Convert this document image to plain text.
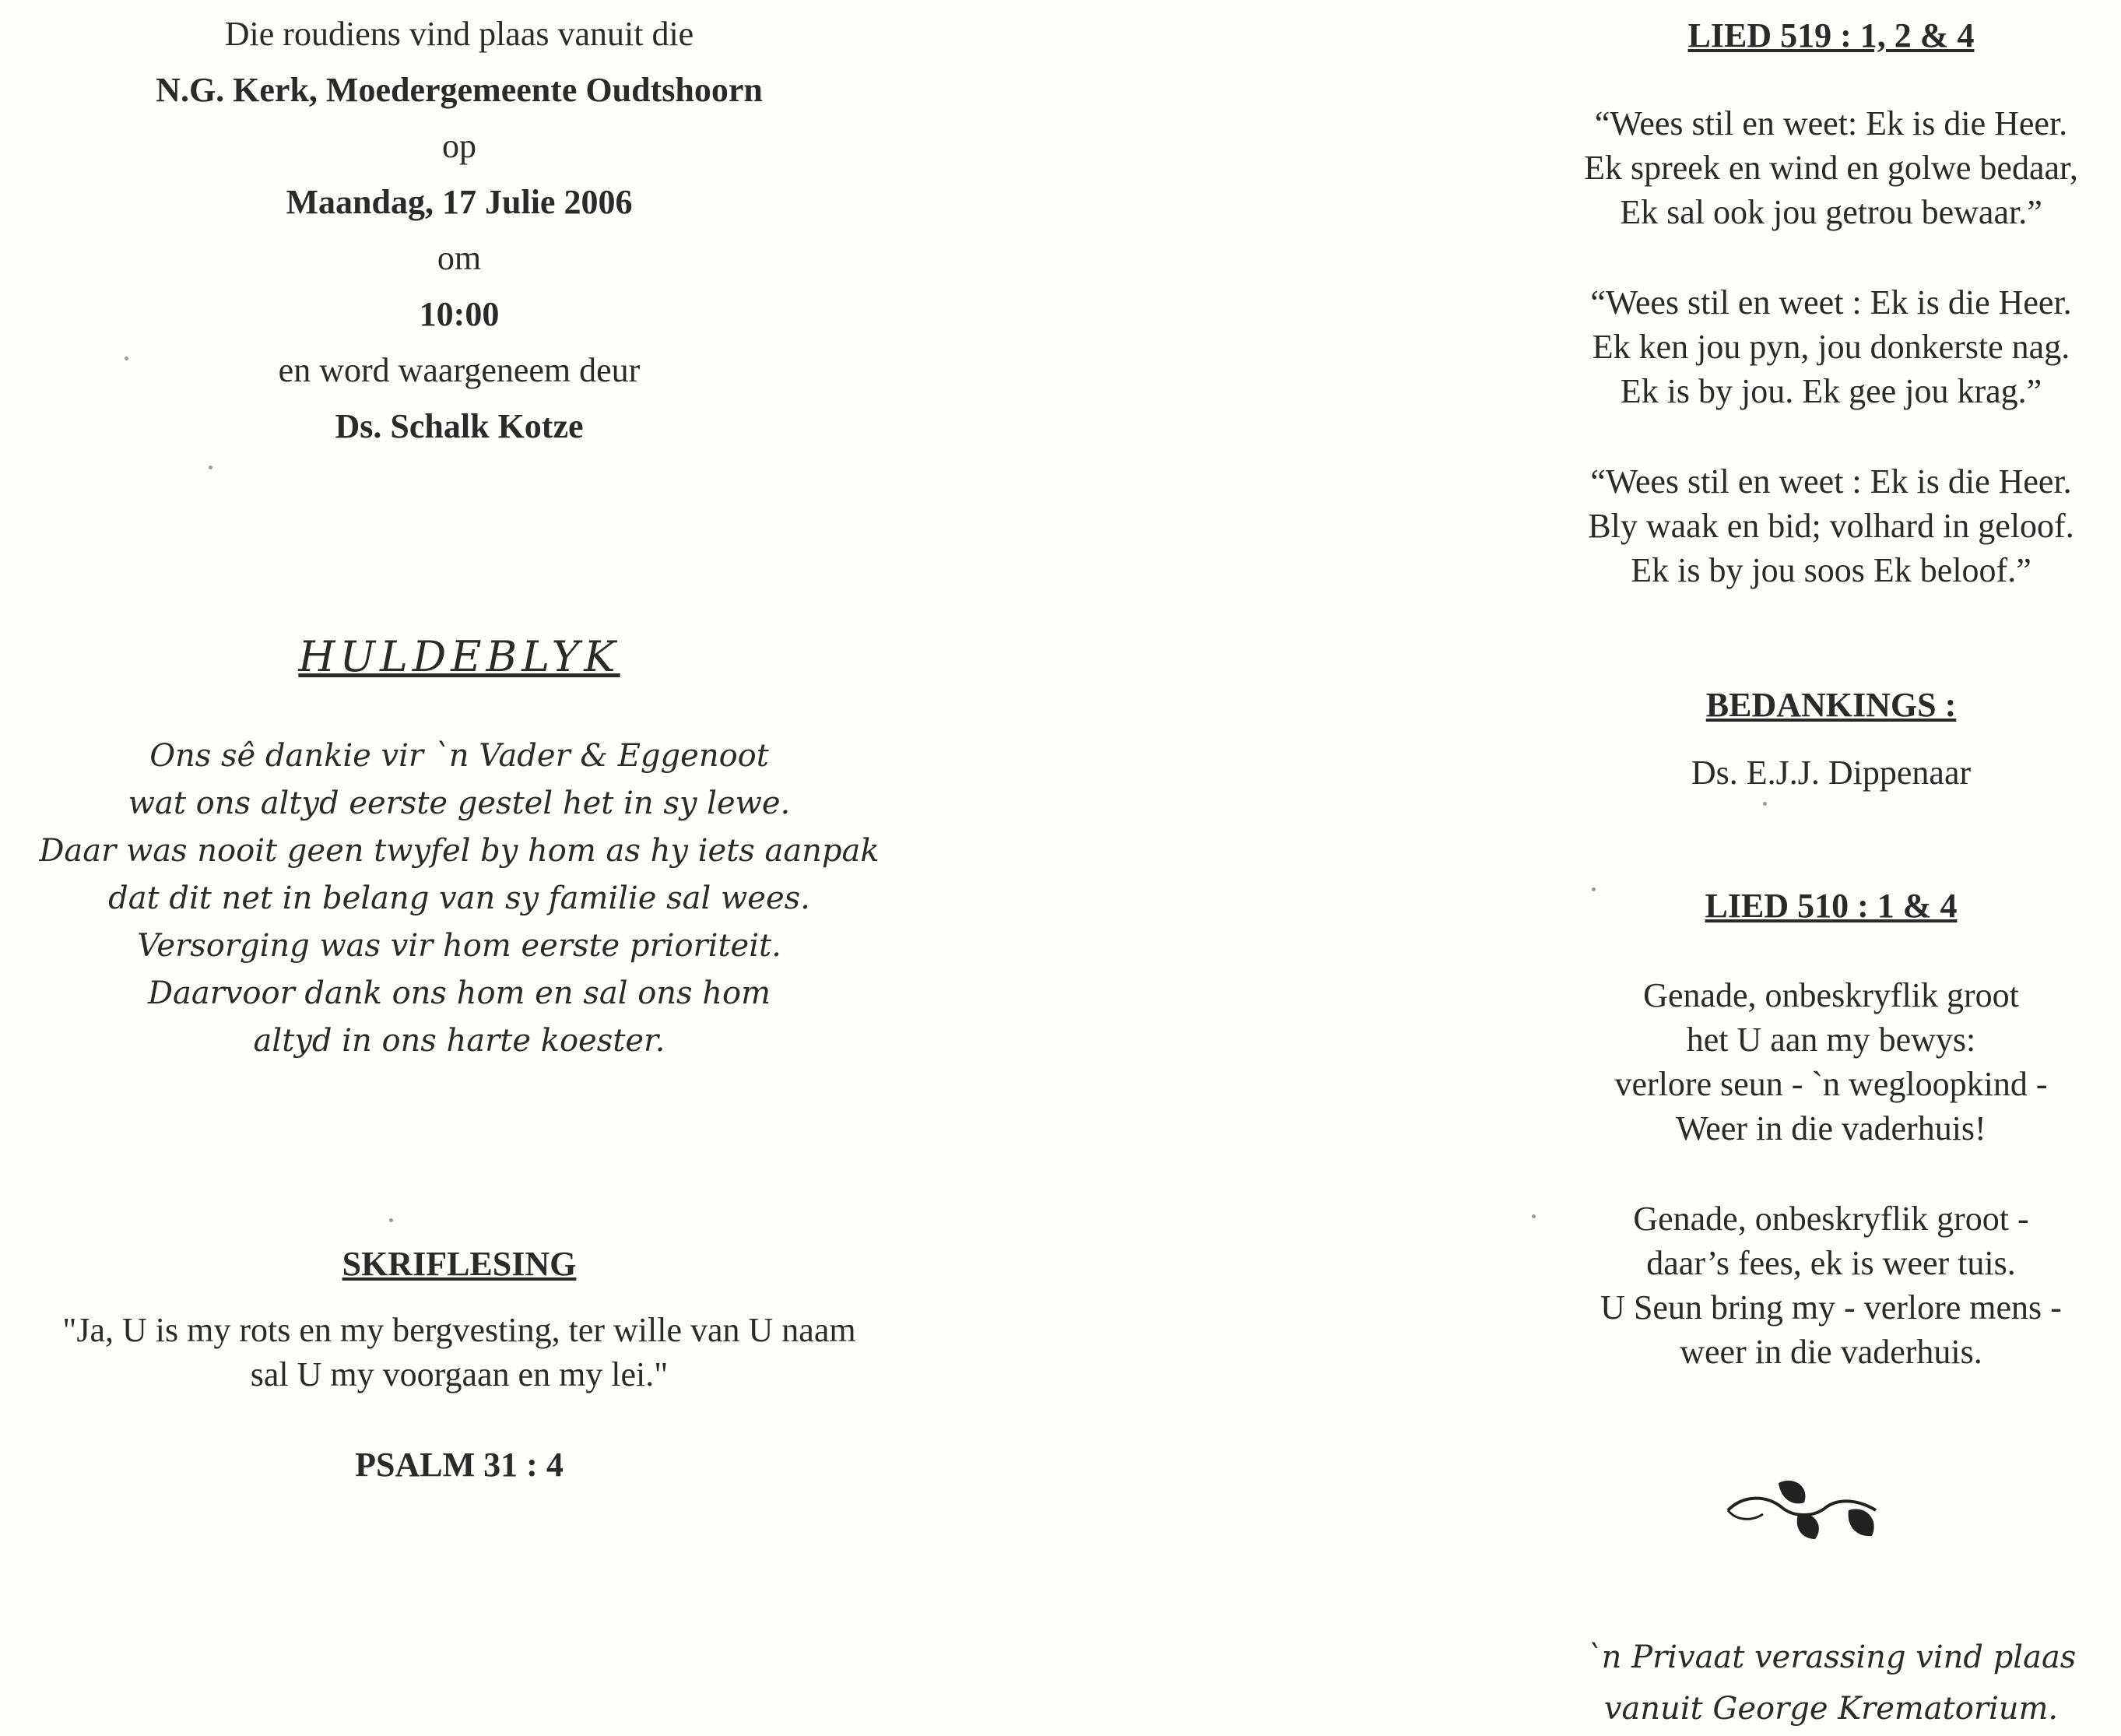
Die roudiens vind plaas vanuit die
N.G. Kerk, Moedergemeente Oudtshoorn
op
Maandag, 17 Julie 2006
om
10:00
en word waargeneem deur
Ds. Schalk Kotze
HULDEBLYK
Ons sê dankie vir `n Vader & Eggenoot
wat ons altyd eerste gestel het in sy lewe.
Daar was nooit geen twyfel by hom as hy iets aanpak
dat dit net in belang van sy familie sal wees.
Versorging was vir hom eerste prioriteit.
Daarvoor dank ons hom en sal ons hom
altyd in ons harte koester.
SKRIFLESING
"Ja, U is my rots en my bergvesting, ter wille van U naam
sal U my voorgaan en my lei."
PSALM 31 : 4
LIED 519 : 1, 2 & 4
“Wees stil en weet: Ek is die Heer.
Ek spreek en wind en golwe bedaar,
Ek sal ook jou getrou bewaar.”
“Wees stil en weet : Ek is die Heer.
Ek ken jou pyn, jou donkerste nag.
Ek is by jou. Ek gee jou krag.”
“Wees stil en weet : Ek is die Heer.
Bly waak en bid; volhard in geloof.
Ek is by jou soos Ek beloof.”
BEDANKINGS :
Ds. E.J.J. Dippenaar
LIED 510 : 1 & 4
Genade, onbeskryflik groot
het U aan my bewys:
verlore seun - `n wegloopkind -
Weer in die vaderhuis!
Genade, onbeskryflik groot -
daar’s fees, ek is weer tuis.
U Seun bring my - verlore mens -
weer in die vaderhuis.
`n Privaat verassing vind plaas
vanuit George Krematorium.
